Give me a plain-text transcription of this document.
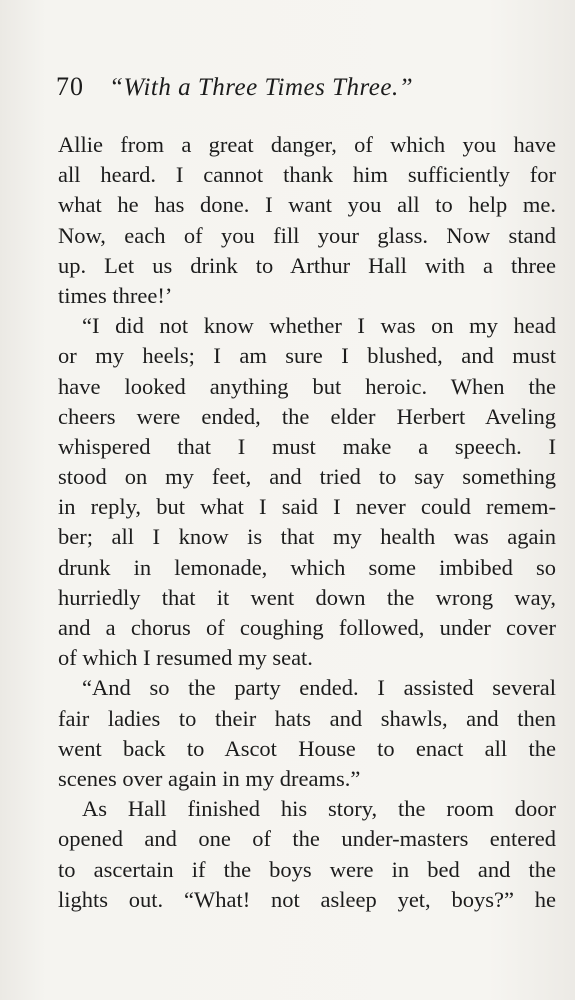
70 “With a Three Times Three.”
Allie from a great danger, of which you have
all heard. I cannot thank him sufficiently for
what he has done. I want you all to help me.
Now, each of you fill your glass. Now stand
up. Let us drink to Arthur Hall with a three
times three!’
“I did not know whether I was on my head
or my heels; I am sure I blushed, and must
have looked anything but heroic. When the
cheers were ended, the elder Herbert Aveling
whispered that I must make a speech. I
stood on my feet, and tried to say something
in reply, but what I said I never could remem-
ber; all I know is that my health was again
drunk in lemonade, which some imbibed so
hurriedly that it went down the wrong way,
and a chorus of coughing followed, under cover
of which I resumed my seat.
“And so the party ended. I assisted several
fair ladies to their hats and shawls, and then
went back to Ascot House to enact all the
scenes over again in my dreams.”
As Hall finished his story, the room door
opened and one of the under-masters entered
to ascertain if the boys were in bed and the
lights out. “What! not asleep yet, boys?” he
